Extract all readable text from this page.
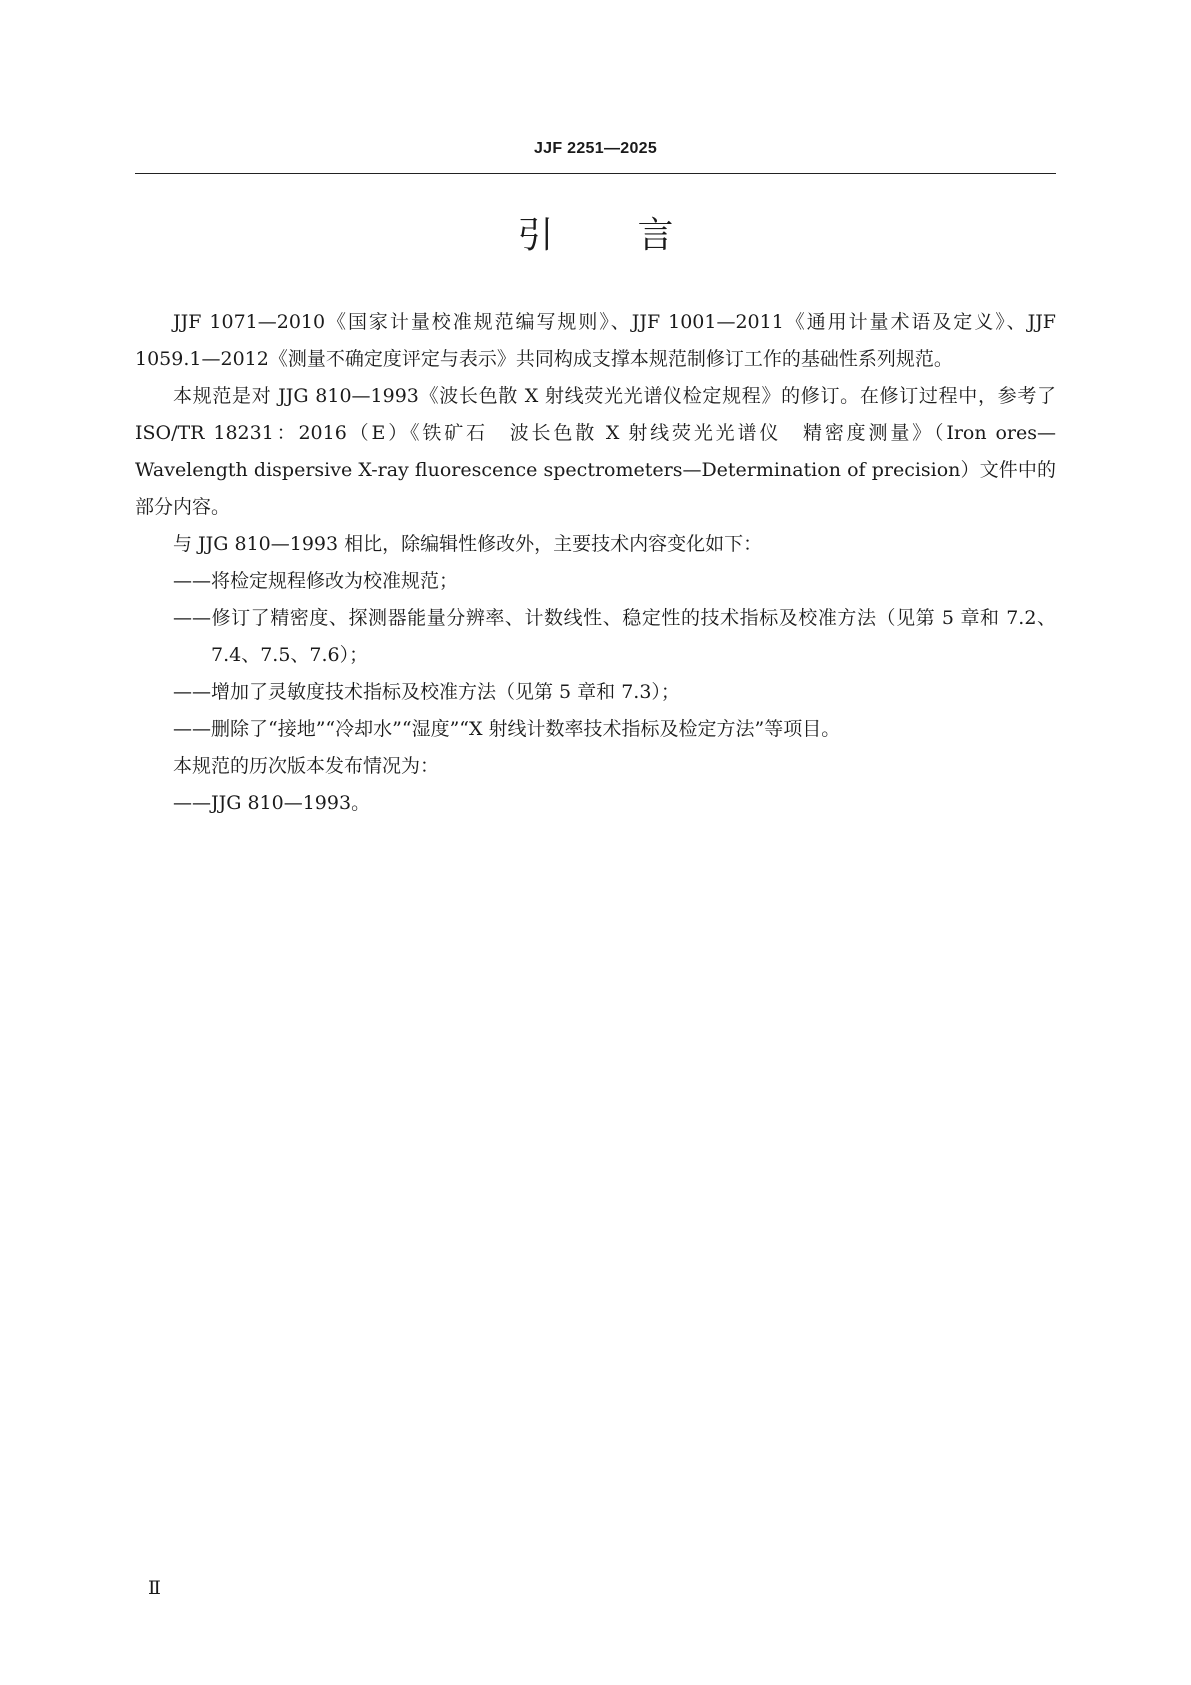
JJF 2251—2025
引言

JJF 1071—2010《国家计量校准规范编写规则》、JJF 1001—2011《通用计量术语及定义》、JJF 1059.1—2012《测量不确定度评定与表示》共同构成支撑本规范制修订工作的基础性系列规范。

本规范是对 JJG 810—1993《波长色散 X 射线荧光光谱仪检定规程》的修订。在修订过程中，参考了 ISO/TR 18231：2016（E）《铁矿石　波长色散 X 射线荧光光谱仪　精密度测量》（Iron ores—Wavelength dispersive X-ray fluorescence spectrometers—Determination of precision）文件中的部分内容。

与 JJG 810—1993 相比，除编辑性修改外，主要技术内容变化如下：

——将检定规程修改为校准规范；

——修订了精密度、探测器能量分辨率、计数线性、稳定性的技术指标及校准方法（见第 5 章和 7.2、7.4、7.5、7.6）；

——增加了灵敏度技术指标及校准方法（见第 5 章和 7.3）；

——删除了“接地”“冷却水”“湿度”“X 射线计数率技术指标及检定方法”等项目。

本规范的历次版本发布情况为：

——JJG 810—1993。

Ⅱ
